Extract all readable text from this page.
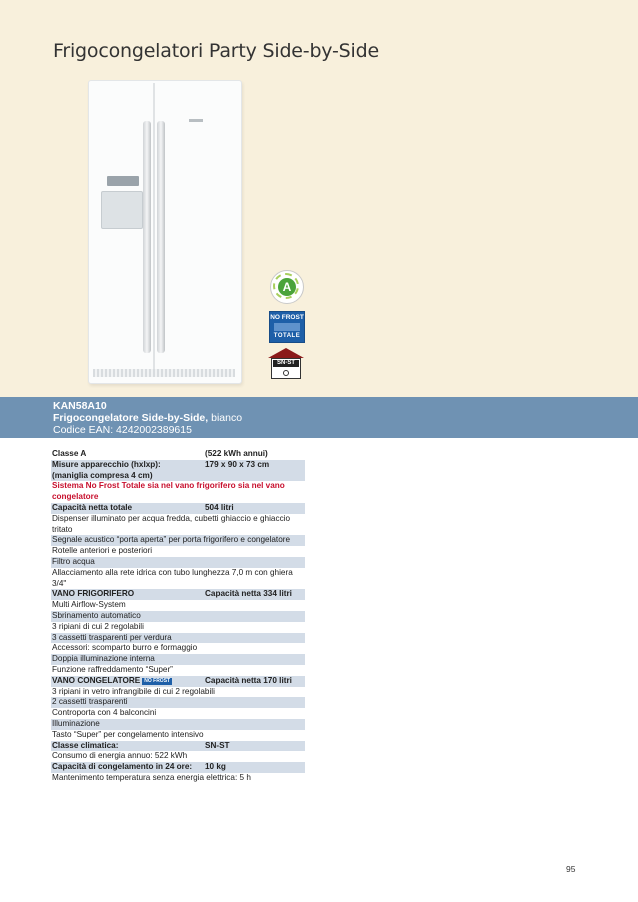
Frigocongelatori Party Side-by-Side
A
NO FROST
TOTALE
SN-ST
KAN58A10
Frigocongelatore Side-by-Side, bianco
Codice EAN: 4242002389615
Classe A	(522 kWh annui)
Misure apparecchio (hxlxp):	179 x 90 x 73 cm
(maniglia compresa 4 cm)
Sistema No Frost Totale sia nel vano frigorifero sia nel vano congelatore
Capacità netta totale	504 litri
Dispenser illuminato per acqua fredda, cubetti ghiaccio e ghiaccio tritato
Segnale acustico “porta aperta” per porta frigorifero e congelatore
Rotelle anteriori e posteriori
Filtro acqua
Allacciamento alla rete idrica con tubo lunghezza 7,0 m con ghiera 3/4"
VANO FRIGORIFERO	Capacità netta 334 litri
Multi Airflow-System
Sbrinamento automatico
3 ripiani di cui 2 regolabili
3 cassetti trasparenti per verdura
Accessori: scomparto burro e formaggio
Doppia illuminazione interna
Funzione raffreddamento “Super”
VANO CONGELATORE NO FROST	Capacità netta 170 litri
3 ripiani in vetro infrangibile di cui 2 regolabili
2 cassetti trasparenti
Controporta con 4 balconcini
Illuminazione
Tasto “Super” per congelamento intensivo
Classe climatica:	SN-ST
Consumo di energia annuo: 522 kWh
Capacità di congelamento in 24 ore: 10 kg
Mantenimento temperatura senza energia elettrica: 5 h
95
